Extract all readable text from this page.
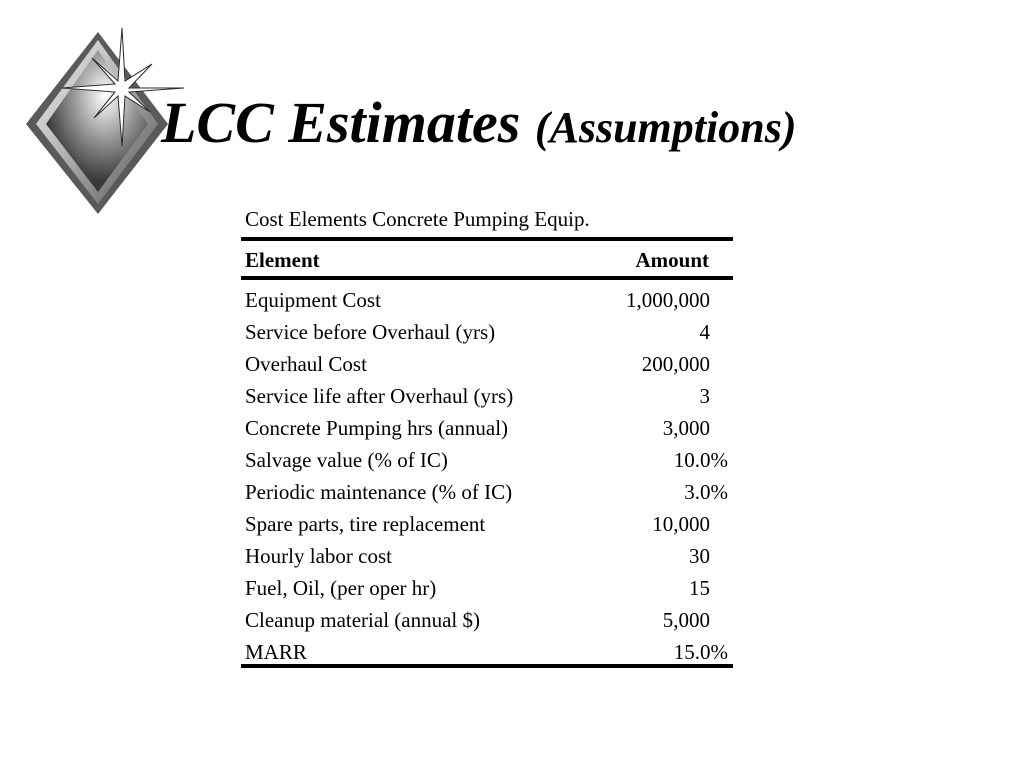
LCC Estimates (Assumptions)
Cost Elements Concrete Pumping Equip.
Element	Amount
Equipment Cost	1,000,000
Service before Overhaul (yrs)	4
Overhaul Cost	200,000
Service life after Overhaul (yrs)	3
Concrete Pumping hrs (annual)	3,000
Salvage value (% of IC)	10.0%
Periodic maintenance (% of IC)	3.0%
Spare parts, tire replacement	10,000
Hourly labor cost	30
Fuel, Oil, (per oper hr)	15
Cleanup material (annual $)	5,000
MARR	15.0%
